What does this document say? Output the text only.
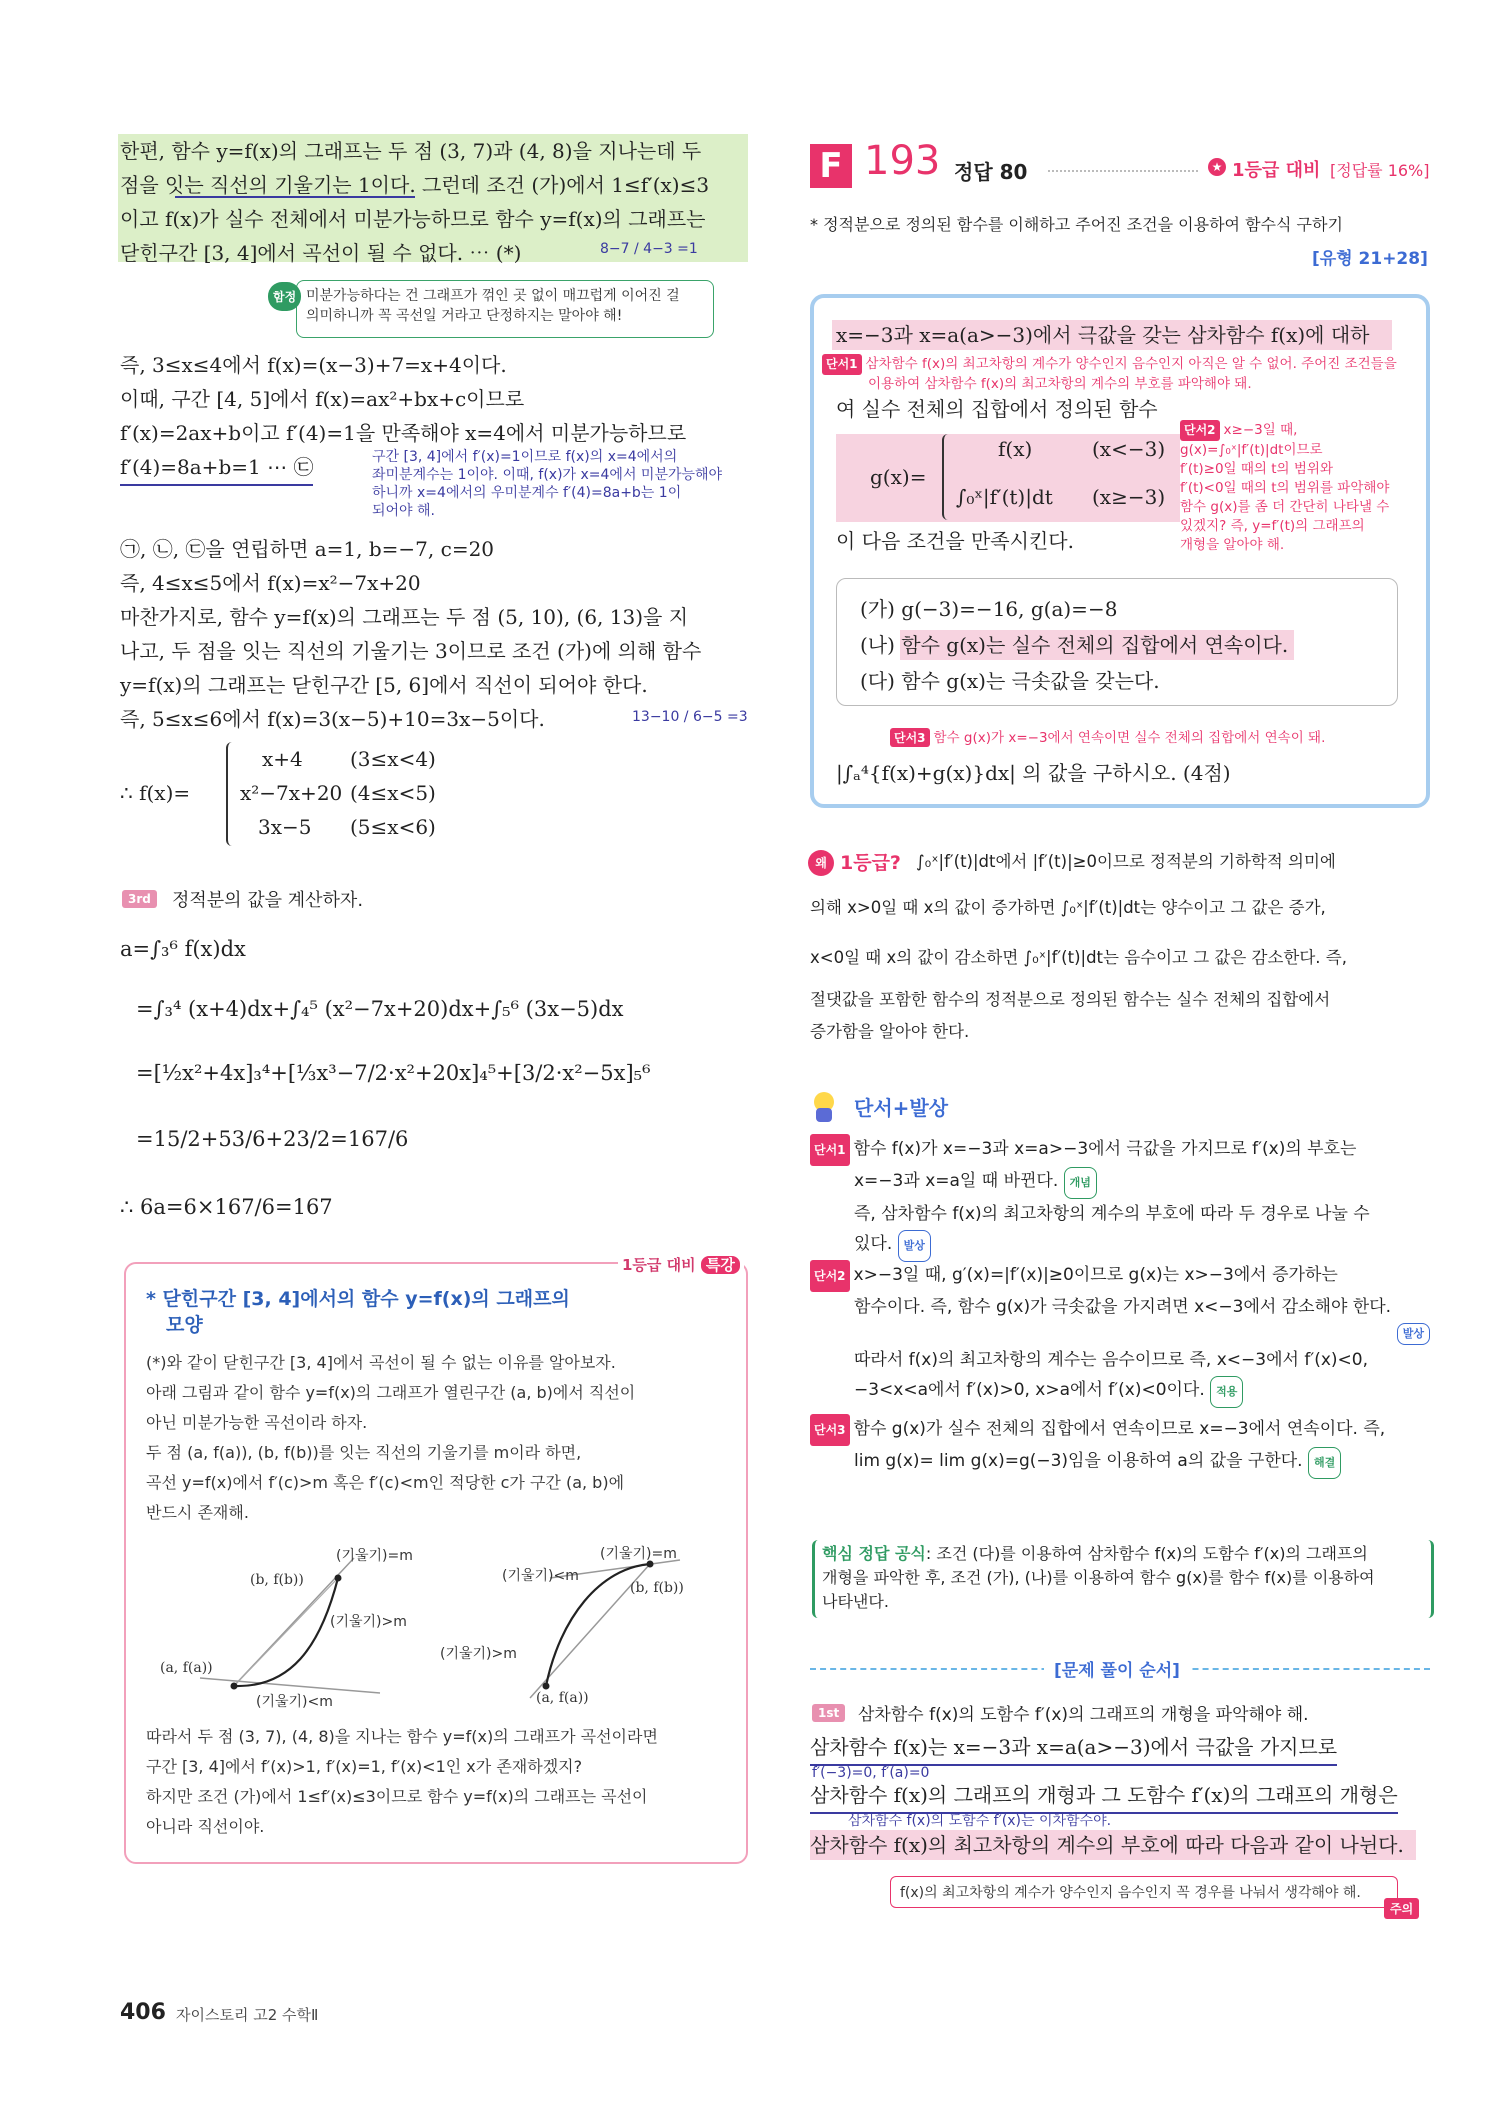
한편, 함수 y=f(x)의 그래프는 두 점 (3, 7)과 (4, 8)을 지나는데 두
점을 잇는 직선의 기울기는 1이다. 그런데 조건 (가)에서 1≤f′(x)≤3
이고 f(x)가 실수 전체에서 미분가능하므로 함수 y=f(x)의 그래프는
닫힌구간 [3, 4]에서 곡선이 될 수 없다. ⋯ (*)	8−7 / 4−3 =1
함정 미분가능하다는 건 그래프가 꺾인 곳 없이 매끄럽게 이어진 걸
의미하니까 꼭 곡선일 거라고 단정하지는 말아야 해!
즉, 3≤x≤4에서 f(x)=(x−3)+7=x+4이다.
이때, 구간 [4, 5]에서 f(x)=ax²+bx+c이므로
f′(x)=2ax+b이고 f′(4)=1을 만족해야 x=4에서 미분가능하므로
f′(4)=8a+b=1 ⋯ ㉢	구간 [3, 4]에서 f′(x)=1이므로 f(x)의 x=4에서의
좌미분계수는 1이야. 이때, f(x)가 x=4에서 미분가능해야
하니까 x=4에서의 우미분계수 f′(4)=8a+b는 1이
되어야 해.
㉠, ㉡, ㉢을 연립하면 a=1, b=−7, c=20
즉, 4≤x≤5에서 f(x)=x²−7x+20
마찬가지로, 함수 y=f(x)의 그래프는 두 점 (5, 10), (6, 13)을 지
나고, 두 점을 잇는 직선의 기울기는 3이므로 조건 (가)에 의해 함수
y=f(x)의 그래프는 닫힌구간 [5, 6]에서 직선이 되어야 한다.
즉, 5≤x≤6에서 f(x)=3(x−5)+10=3x−5이다.	13−10 / 6−5 =3
∴ f(x)=
x+4 (3≤x<4)
x²−7x+20 (4≤x<5)
3x−5 (5≤x<6)
3rd	정적분의 값을 계산하자.
a=∫₃⁶ f(x)dx
=∫₃⁴ (x+4)dx+∫₄⁵ (x²−7x+20)dx+∫₅⁶ (3x−5)dx
=[½x²+4x]₃⁴+[⅓x³−7/2·x²+20x]₄⁵+[3/2·x²−5x]₅⁶
=15/2+53/6+23/2=167/6
∴ 6a=6×167/6=167
1등급 대비 특강
* 닫힌구간 [3, 4]에서의 함수 y=f(x)의 그래프의
모양
(*)와 같이 닫힌구간 [3, 4]에서 곡선이 될 수 없는 이유를 알아보자.
아래 그림과 같이 함수 y=f(x)의 그래프가 열린구간 (a, b)에서 직선이
아닌 미분가능한 곡선이라 하자.
두 점 (a, f(a)), (b, f(b))를 잇는 직선의 기울기를 m이라 하면,
곡선 y=f(x)에서 f′(c)>m 혹은 f′(c)<m인 적당한 c가 구간 (a, b)에
반드시 존재해.
(기울기)=m
(b, f(b))
(기울기)>m
(a, f(a))
(기울기)<m
(기울기)=m
(기울기)<m
(b, f(b))
(기울기)>m
(a, f(a))
따라서 두 점 (3, 7), (4, 8)을 지나는 함수 y=f(x)의 그래프가 곡선이라면
구간 [3, 4]에서 f′(x)>1, f′(x)=1, f′(x)<1인 x가 존재하겠지?
하지만 조건 (가)에서 1≤f′(x)≤3이므로 함수 y=f(x)의 그래프는 곡선이
아니라 직선이야.
406 자이스토리 고2 수학Ⅱ
F 193 정답 80	★ 1등급 대비 [정답률 16%]
* 정적분으로 정의된 함수를 이해하고 주어진 조건을 이용하여 함수식 구하기
[유형 21+28]
x=−3과 x=a(a>−3)에서 극값을 갖는 삼차함수 f(x)에 대하
단서1 삼차함수 f(x)의 최고차항의 계수가 양수인지 음수인지 아직은 알 수 없어. 주어진 조건들을
이용하여 삼차함수 f(x)의 최고차항의 계수의 부호를 파악해야 돼.
여 실수 전체의 집합에서 정의된 함수
g(x)=
f(x)	(x<−3)
∫₀ˣ|f′(t)|dt (x≥−3)
단서2 x≥−3일 때,
g(x)=∫₀ˣ|f′(t)|dt이므로
f′(t)≥0일 때의 t의 범위와
f′(t)<0일 때의 t의 범위를 파악해야
함수 g(x)를 좀 더 간단히 나타낼 수
있겠지? 즉, y=f′(t)의 그래프의
개형을 알아야 해.
이 다음 조건을 만족시킨다.
(가) g(−3)=−16, g(a)=−8
(나) 함수 g(x)는 실수 전체의 집합에서 연속이다.
(다) 함수 g(x)는 극솟값을 갖는다.
단서3 함수 g(x)가 x=−3에서 연속이면 실수 전체의 집합에서 연속이 돼.
|∫ₐ⁴{f(x)+g(x)}dx| 의 값을 구하시오. (4점)
왜 1등급? ∫₀ˣ|f′(t)|dt에서 |f′(t)|≥0이므로 정적분의 기하학적 의미에
의해 x>0일 때 x의 값이 증가하면 ∫₀ˣ|f′(t)|dt는 양수이고 그 값은 증가,
x<0일 때 x의 값이 감소하면 ∫₀ˣ|f′(t)|dt는 음수이고 그 값은 감소한다. 즉,
절댓값을 포함한 함수의 정적분으로 정의된 함수는 실수 전체의 집합에서
증가함을 알아야 한다.
단서+발상
단서1 함수 f(x)가 x=−3과 x=a>−3에서 극값을 가지므로 f′(x)의 부호는
x=−3과 x=a일 때 바뀐다. 개념
즉, 삼차함수 f(x)의 최고차항의 계수의 부호에 따라 두 경우로 나눌 수
있다. 발상
단서2 x>−3일 때, g′(x)=|f′(x)|≥0이므로 g(x)는 x>−3에서 증가하는
함수이다. 즉, 함수 g(x)가 극솟값을 가지려면 x<−3에서 감소해야 한다.
발상
따라서 f(x)의 최고차항의 계수는 음수이므로 즉, x<−3에서 f′(x)<0,
−3<x<a에서 f′(x)>0, x>a에서 f′(x)<0이다. 적용
단서3 함수 g(x)가 실수 전체의 집합에서 연속이므로 x=−3에서 연속이다. 즉,
lim g(x)= lim g(x)=g(−3)임을 이용하여 a의 값을 구한다. 해결
핵심 정답 공식: 조건 (다)를 이용하여 삼차함수 f(x)의 도함수 f′(x)의 그래프의
개형을 파악한 후, 조건 (가), (나)를 이용하여 함수 g(x)를 함수 f(x)를 이용하여
나타낸다.
[문제 풀이 순서]
1st	삼차함수 f(x)의 도함수 f′(x)의 그래프의 개형을 파악해야 해.
삼차함수 f(x)는 x=−3과 x=a(a>−3)에서 극값을 가지므로
f′(−3)=0, f′(a)=0
삼차함수 f(x)의 그래프의 개형과 그 도함수 f′(x)의 그래프의 개형은
삼차함수 f(x)의 도함수 f′(x)는 이차함수야.
삼차함수 f(x)의 최고차항의 계수의 부호에 따라 다음과 같이 나뉜다.
f(x)의 최고차항의 계수가 양수인지 음수인지 꼭 경우를 나눠서 생각해야 해.
주의
